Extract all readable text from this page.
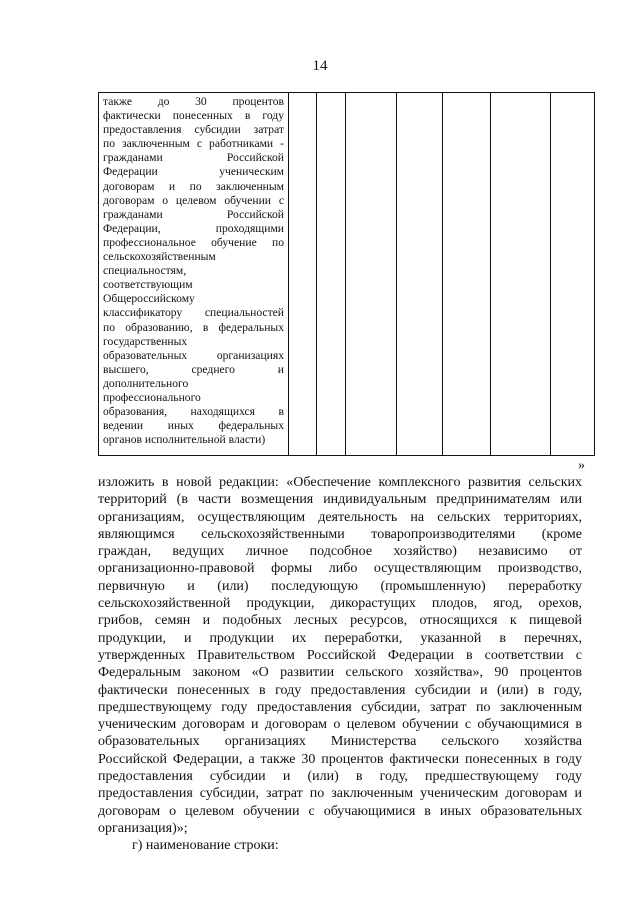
14
также до 30 процентов
фактически понесенных в году
предоставления субсидии затрат
по заключенным с работниками -
гражданами Российской
Федерации ученическим
договорам и по заключенным
договорам о целевом обучении с
гражданами Российской
Федерации, проходящими
профессиональное обучение по
сельскохозяйственным
специальностям,
соответствующим
Общероссийскому
классификатору специальностей
по образованию, в федеральных
государственных
образовательных организациях
высшего, среднего и
дополнительного
профессионального
образования, находящихся в
ведении иных федеральных
органов исполнительной власти)
»
изложить в новой редакции: «Обеспечение комплексного развития сельских
территорий (в части возмещения индивидуальным предпринимателям или
организациям, осуществляющим деятельность на сельских территориях,
являющимся сельскохозяйственными товаропроизводителями (кроме
граждан, ведущих личное подсобное хозяйство) независимо от
организационно-правовой формы либо осуществляющим производство,
первичную и (или) последующую (промышленную) переработку
сельскохозяйственной продукции, дикорастущих плодов, ягод, орехов,
грибов, семян и подобных лесных ресурсов, относящихся к пищевой
продукции, и продукции их переработки, указанной в перечнях,
утвержденных Правительством Российской Федерации в соответствии с
Федеральным законом «О развитии сельского хозяйства», 90 процентов
фактически понесенных в году предоставления субсидии и (или) в году,
предшествующему году предоставления субсидии, затрат по заключенным
ученическим договорам и договорам о целевом обучении с обучающимися в
образовательных организациях Министерства сельского хозяйства
Российской Федерации, а также 30 процентов фактически понесенных в году
предоставления субсидии и (или) в году, предшествующему году
предоставления субсидии, затрат по заключенным ученическим договорам и
договорам о целевом обучении с обучающимися в иных образовательных
организация)»;
г) наименование строки:
